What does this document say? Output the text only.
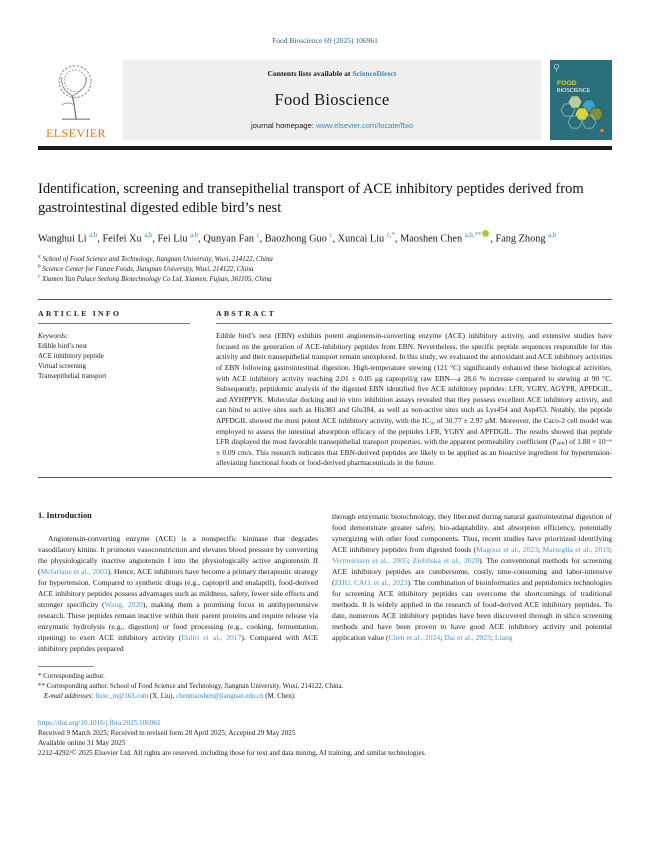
Food Bioscience 69 (2025) 106961
ELSEVIER
Contents lists available at ScienceDirect
Food Bioscience
journal homepage: www.elsevier.com/locate/fbio
FOOD
BIOSCIENCE
Identification, screening and transepithelial transport of ACE inhibitory peptides derived from gastrointestinal digested edible bird’s nest
Wanghui Li $^{a,b}$, Feifei Xu $^{a,b}$, Fei Liu $^{a,b}$, Qunyan Fan $^c$, Baozhong Guo $^c$, Xuncai Liu $^{c,*}$, Maoshen Chen $^{a,b,**}$ , Fang Zhong $^{a,b}$
$^a$ School of Food Science and Technology, Jiangnan University, Wuxi, 214122, China
$^b$ Science Center for Future Foods, Jiangnan University, Wuxi, 214122, China
$^c$ Xiamen Yan Palace Seelong Biotechnology Co Ltd, Xiamen, Fujian, 361105, China
ARTICLE INFO
Keywords:
Edible bird’s nest
ACE inhibitory peptide
Virtual screening
Transepithelial transport
ABSTRACT
Edible bird’s nest (EBN) exhibits potent angiotensin-converting enzyme (ACE) inhibitory activity, and extensive studies have focused on the generation of ACE-inhibitory peptides from EBN. Nevertheless, the specific peptide sequences responsible for this activity and their transepithelial transport remain unexplored. In this study, we evaluated the antioxidant and ACE inhibitory activities of EBN following gastrointestinal digestion. High-temperature stewing (121 °C) significantly enhanced these biological activities, with ACE inhibitory activity reaching 2.01 ± 0.05 μg captopril/g raw EBN—a 28.6 % increase compared to stewing at 90 °C. Subsequently, peptidomic analysis of the digested EBN identified five ACE inhibitory peptides: LFR, YGRY, AGYPR, APFDGIL, and AYHPPYK. Molecular docking and in vitro inhibition assays revealed that they possess excellent ACE inhibitory activity, and can bind to active sites such as His383 and Glu384, as well as non-active sites such as Lys454 and Asp453. Notably, the peptide APFDGIL showed the most potent ACE inhibitory activity, with the IC₅₀ of 30.77 ± 2.97 μM. Moreover, the Caco-2 cell model was employed to assess the intestinal absorption efficacy of the peptides LFR, YGRY and APFDGIL. The results showed that peptide LFR displayed the most favorable transepithelial transport properties, with the apparent permeability coefficient (Pₐₚₚ) of 1.88 × 10⁻⁶ ± 0.09 cm/s. This research indicates that EBN-derived peptides are likely to be applied as an bioactive ingredient for hypertension-alleviating functional foods or food-derived pharmaceuticals in the future.
1. Introduction

Angiotensin-converting enzyme (ACE) is a nonspecific kininase that degrades vasodilatory kinins. It promotes vasoconstriction and elevates blood pressure by converting the physiologically inactive angiotensin I into the physiologically active angiotensin II (Mcfarlane et al., 2003). Hence, ACE inhibitors have become a primary therapeutic strategy for hypertension. Compared to synthetic drugs (e.g., captopril and enalapril), food-derived ACE inhibitory peptides possess advantages such as mildness, safety, fewer side effects and stronger specificity (Wang, 2020), making them a promising focus in antihypertensive research. These peptides remain inactive within their parent proteins and require release via enzymatic hydrolysis (e.g., digestion) or food processing (e.g., cooking, fermentation, ripening) to exert ACE inhibitory activity (Daliri et al., 2017). Compared with ACE inhibitory peptides prepared

through enzymatic biotechnology, they liberated during natural gastrointestinal digestion of food demonstrate greater safety, bio-adaptability, and absorption efficiency, potentially synergizing with other food components. Thus, recent studies have prioritized identifying ACE inhibitory peptides from digested foods (Magouz et al., 2023; Marseglia et al., 2019; Vermeirssen et al., 2005; Zielińska et al., 2020). The conventional methods for screening ACE inhibitory peptides are cumbersome, costly, time-consuming and labor-intensive (ZHU, CAO, et al., 2023). The combination of bioinformatics and peptidomics technologies for screening ACE inhibitory peptides can overcome the shortcomings of traditional methods. It is widely applied in the research of food-derived ACE inhibitory peptides. To date, numerous ACE inhibitory peptides have been discovered through in silico screening methods and have been proven to have good ACE inhibitory activity and potential application value (Chen et al., 2024; Dai et al., 2023; Liang

* Corresponding author.
** Corresponding author. School of Food Science and Technology, Jiangnan University, Wuxi, 214122, China.
E-mail addresses: liuxc_m@163.com (X. Liu), chenmaoshen@jiangnan.edu.cn (M. Chen).
https://doi.org/10.1016/j.fbio.2025.106961
Received 9 March 2025; Received in revised form 28 April 2025; Accepted 29 May 2025
Available online 31 May 2025
2212-4292/© 2025 Elsevier Ltd. All rights are reserved, including those for text and data mining, AI training, and similar technologies.
